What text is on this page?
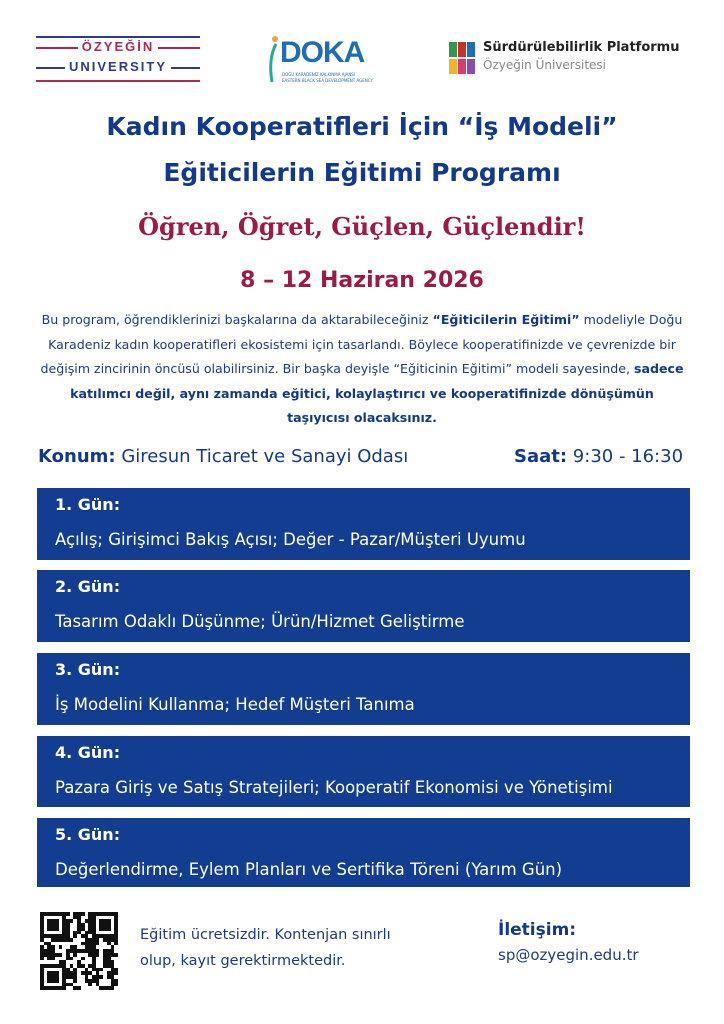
ÖZYEĞİN
UNIVERSITY	DOKA
DOĞU KARADENİZ KALKINMA AJANSI
EASTERN BLACK SEA DEVELOPMENT AGENCY
Sürdürülebilirlik Platformu
Özyeğin Üniversitesi
Kadın Kooperatifleri İçin “İş Modeli”
Eğiticilerin Eğitimi Programı
Öğren, Öğret, Güçlen, Güçlendir!
8 – 12 Haziran 2026
Bu program, öğrendiklerinizi başkalarına da aktarabileceğiniz “Eğiticilerin Eğitimi” modeliyle Doğu Karadeniz kadın kooperatifleri ekosistemi için tasarlandı. Böylece kooperatifinizde ve çevrenizde bir değişim zincirinin öncüsü olabilirsiniz. Bir başka deyişle “Eğiticinin Eğitimi” modeli sayesinde, sadece katılımcı değil, aynı zamanda eğitici, kolaylaştırıcı ve kooperatifinizde dönüşümün taşıyıcısı olacaksınız.
Konum: Giresun Ticaret ve Sanayi Odası	Saat: 9:30 - 16:30
1. Gün:
Açılış; Girişimci Bakış Açısı; Değer - Pazar/Müşteri Uyumu
2. Gün:
Tasarım Odaklı Düşünme; Ürün/Hizmet Geliştirme
3. Gün:
İş Modelini Kullanma; Hedef Müşteri Tanıma
4. Gün:
Pazara Giriş ve Satış Stratejileri; Kooperatif Ekonomisi ve Yönetişimi
5. Gün:
Değerlendirme, Eylem Planları ve Sertifika Töreni (Yarım Gün)
Eğitim ücretsizdir. Kontenjan sınırlı
olup, kayıt gerektirmektedir.
İletişim:
sp@ozyegin.edu.tr
